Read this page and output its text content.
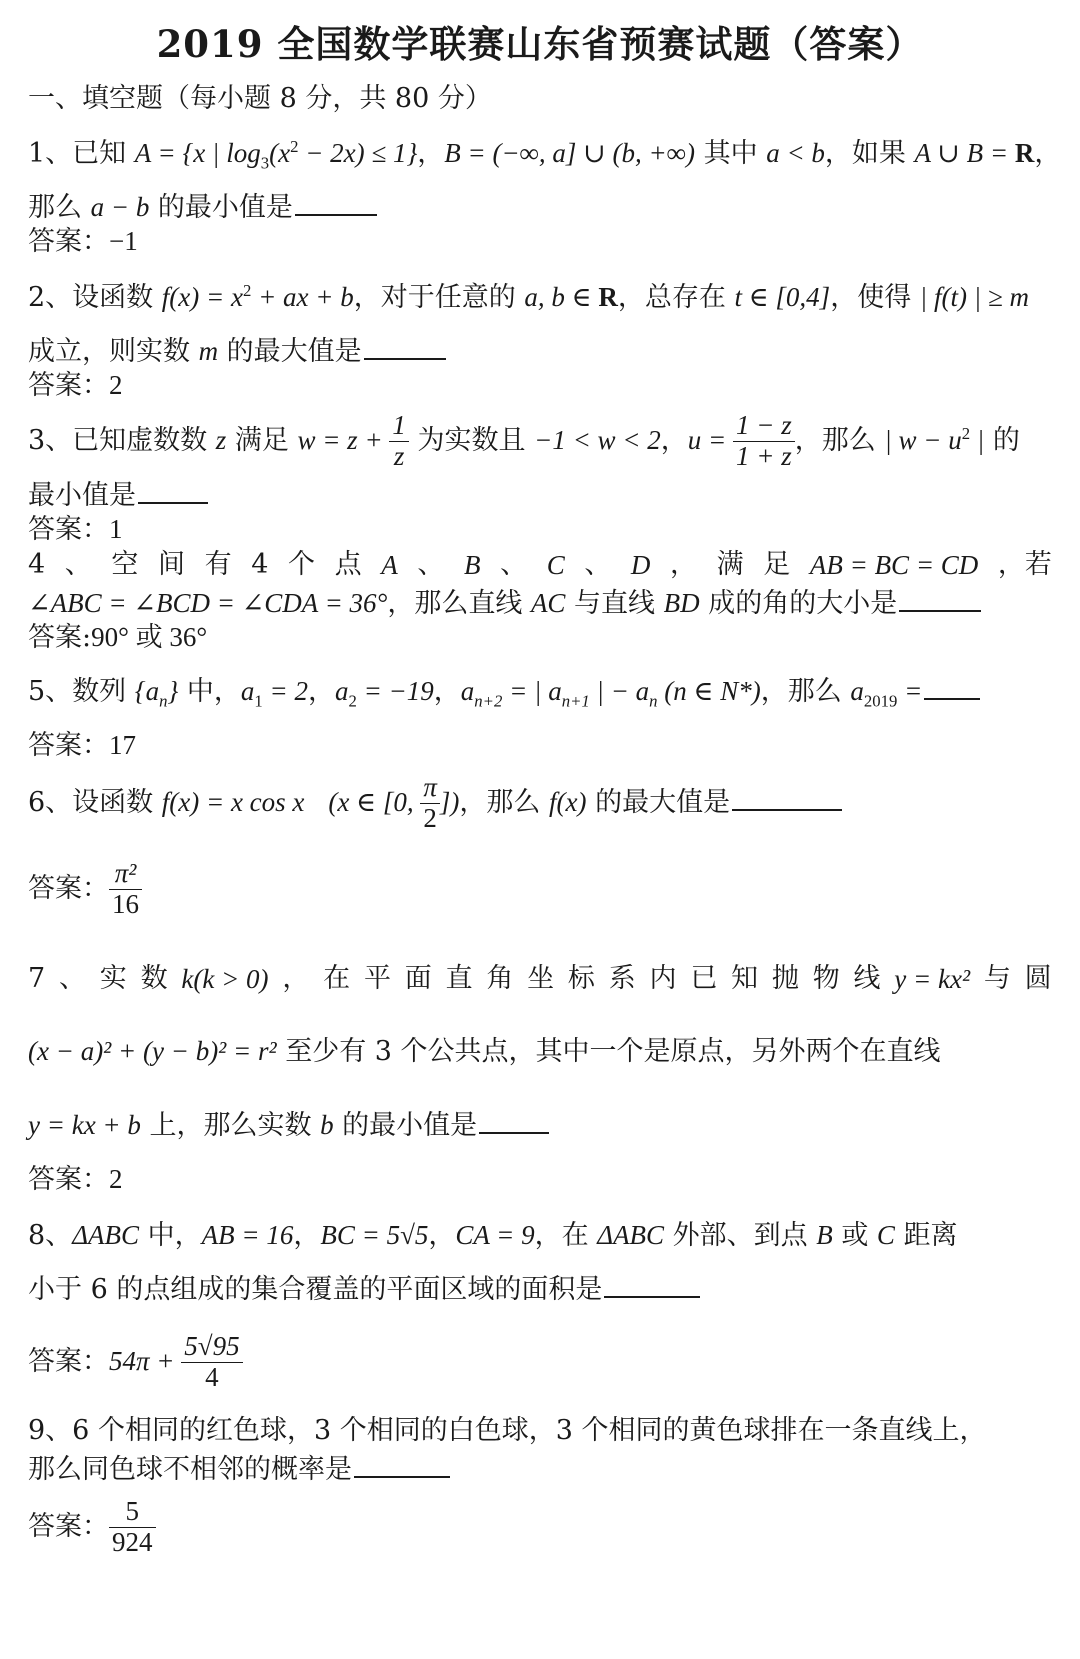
2019 全国数学联赛山东省预赛试题（答案）
一、填空题（每小题 8 分，共 80 分）
1、已知 A = {x | $\log_3(x^2 - 2x) \le 1$}，B = (−∞, a] ∪ (b, +∞) 其中 a < b，如果 A ∪ B = R，
那么 a − b 的最小值是
答案：−1
2、设函数 $f(x) = x^2$ + ax + b，对于任意的 a, b ∈ R，总存在 t ∈ [0,4]，使得 | f(t) | ≥ m
成立，则实数 m 的最大值是
答案：2
3、已知虚数数 z 满足 $w = z + \frac{1}{z}$ 为实数且 −1 < w < 2，$u = \frac{1 - z}{1 + z}$ ，那么 | $w - u^2$ | 的
最小值是
答案：1
4 、 空 间 有 4 个 点 A 、 B 、 C 、 D ， 满 足 AB = BC = CD ，若
∠ABC = ∠BCD = ∠CDA = 36°，那么直线 AC 与直线 BD 成的角的大小是
答案:90° 或 36°
5、数列 $\{a_n\}$ 中，$a_1 = 2$，$a_2 = -19$，$a_{n+2}$ = | $a_{n+1}$ | − $a_n$ (n ∈ N*)，那么 $a_{2019}$ =
答案：17
6、设函数 f(x) = x cos x (x ∈ [0, $\frac{\pi}{2}$ ])，那么 f(x) 的最大值是
答案： $\frac{\text{π²}}{16}$
7 、 实 数 k(k > 0) ， 在 平 面 直 角 坐 标 系 内 已 知 抛 物 线 y = kx² 与 圆
(x − a)² + (y − b)² = r² 至少有 3 个公共点，其中一个是原点，另外两个在直线
y = kx + b 上，那么实数 b 的最小值是
答案：2
8、ΔABC 中，AB = 16，BC = 5√5，CA = 9，在 ΔABC 外部、到点 B 或 C 距离
小于 6 的点组成的集合覆盖的平面区域的面积是
答案：$54\pi + \frac{5√95}{4}$
9、6 个相同的红色球，3 个相同的白色球，3 个相同的黄色球排在一条直线上，
那么同色球不相邻的概率是
答案： $\frac{5}{924}$
